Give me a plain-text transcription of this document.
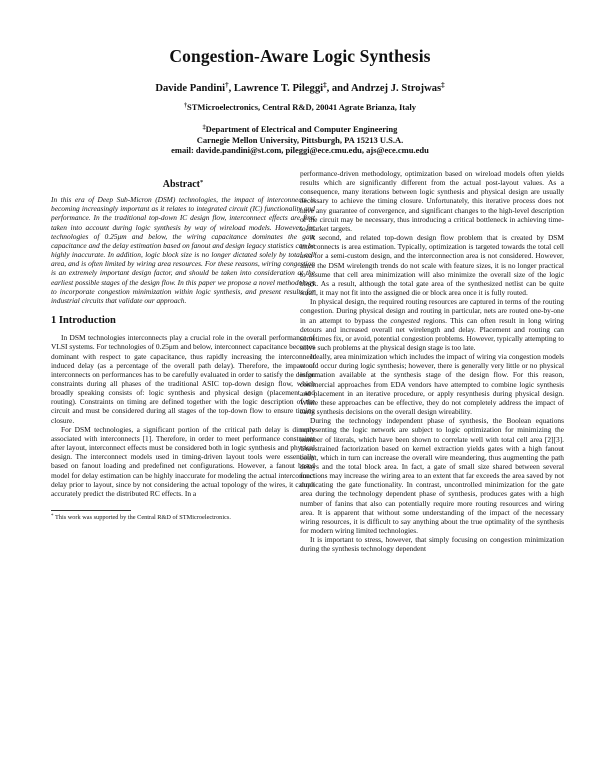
Congestion-Aware Logic Synthesis
Davide Pandini†, Lawrence T. Pileggi‡, and Andrzej J. Strojwas‡
†STMicroelectronics, Central R&D, 20041 Agrate Brianza, Italy
‡Department of Electrical and Computer Engineering
Carnegie Mellon University, Pittsburgh, PA 15213 U.S.A.
email: davide.pandini@st.com, pileggi@ece.cmu.edu, ajs@ece.cmu.edu
Abstract*

In this era of Deep Sub-Micron (DSM) technologies, the impact of interconnects is becoming increasingly important as it relates to integrated circuit (IC) functionality and performance. In the traditional top-down IC design flow, interconnect effects are first taken into account during logic synthesis by way of wireload models. However, for technologies of 0.25μm and below, the wiring capacitance dominates the gate capacitance and the delay estimation based on fanout and design legacy statistics can be highly inaccurate. In addition, logic block size is no longer dictated solely by total cell area, and is often limited by wiring area resources. For these reasons, wiring congestion is an extremely important design factor, and should be taken into consideration at the earliest possible stages of the design flow. In this paper we propose a novel methodology to incorporate congestion minimization within logic synthesis, and present results for industrial circuits that validate our approach.

1 Introduction

In DSM technologies interconnects play a crucial role in the overall performance of VLSI systems. For technologies of 0.25μm and below, interconnect capacitance becomes dominant with respect to gate capacitance, thus rapidly increasing the interconnect induced delay (as a percentage of the overall path delay). Therefore, the impact of interconnects on performances has to be carefully evaluated in order to satisfy the design constraints during all phases of the traditional ASIC top-down design flow, which broadly speaking consists of: logic synthesis and physical design (placement and routing). Constraints on timing are defined together with the logic description of the circuit and must be considered during all stages of the top-down flow to ensure timing closure.

For DSM technologies, a significant portion of the critical path delay is directly associated with interconnects [1]. Therefore, in order to meet performance constraints after layout, interconnect effects must be considered both in logic synthesis and physical design. The interconnect models used in timing-driven layout tools were essentially based on fanout loading and predefined net configurations. However, a fanout based model for delay estimation can be highly inaccurate for modeling the actual interconnect delay prior to layout, since by not considering the actual topology of the wires, it cannot accurately predict the distributed RC effects. In a

* This work was supported by the Central R&D of STMicroelectronics.

performance-driven methodology, optimization based on wireload models often yields results which are significantly different from the actual post-layout values. As a consequence, many iterations between logic synthesis and physical design are usually necessary to achieve the timing closure. Unfortunately, this iterative process does not have any guarantee of convergence, and significant changes to the high-level description of the circuit may be necessary, thus introducing a critical bottleneck in achieving time-to-market targets.

A second, and related top-down design flow problem that is created by DSM interconnects is area estimation. Typically, optimization is targeted towards the total cell area for a semi-custom design, and the interconnection area is not considered. However, since the DSM wirelength trends do not scale with feature sizes, it is no longer practical to assume that cell area minimization will also minimize the overall size of the logic block. As a result, although the total gate area of the synthesized netlist can be quite small, it may not fit into the assigned die or block area once it is fully routed.

In physical design, the required routing resources are captured in terms of the routing congestion. During physical design and routing in particular, nets are routed one-by-one in an attempt to bypass the congested regions. This can often result in long wiring detours and increased overall net wirelength and delay. Placement and routing can sometimes fix, or avoid, potential congestion problems. However, typically attempting to solve such problems at the physical design stage is too late.

Ideally, area minimization which includes the impact of wiring via congestion models would occur during logic synthesis; however, there is generally very little or no physical information available at the synthesis stage of the design flow. For this reason, commercial approaches from EDA vendors have attempted to combine logic synthesis and placement in an iterative procedure, or apply resynthesis during physical design. While these approaches can be effective, they do not completely address the impact of early synthesis decisions on the overall design wireability.

During the technology independent phase of synthesis, the Boolean equations representing the logic network are subject to logic optimization for minimizing the number of literals, which have been shown to correlate well with total cell area [2][3]. Unrestrained factorization based on kernel extraction yields gates with a high fanout count, which in turn can increase the overall wire meandering, thus augmenting the path delays and the total block area. In fact, a gate of small size shared between several functions may increase the wiring area to an extent that far exceeds the area saved by not duplicating the gate functionality. In contrast, uncontrolled minimization for the gate area during the technology dependent phase of synthesis, produces gates with a high number of fanins that also can potentially require more routing resources and wiring area. It is apparent that without some understanding of the impact of the necessary wiring resources, it is difficult to say anything about the true optimality of the synthesis for modern wiring limited technologies.

It is important to stress, however, that simply focusing on congestion minimization during the synthesis technology dependent
